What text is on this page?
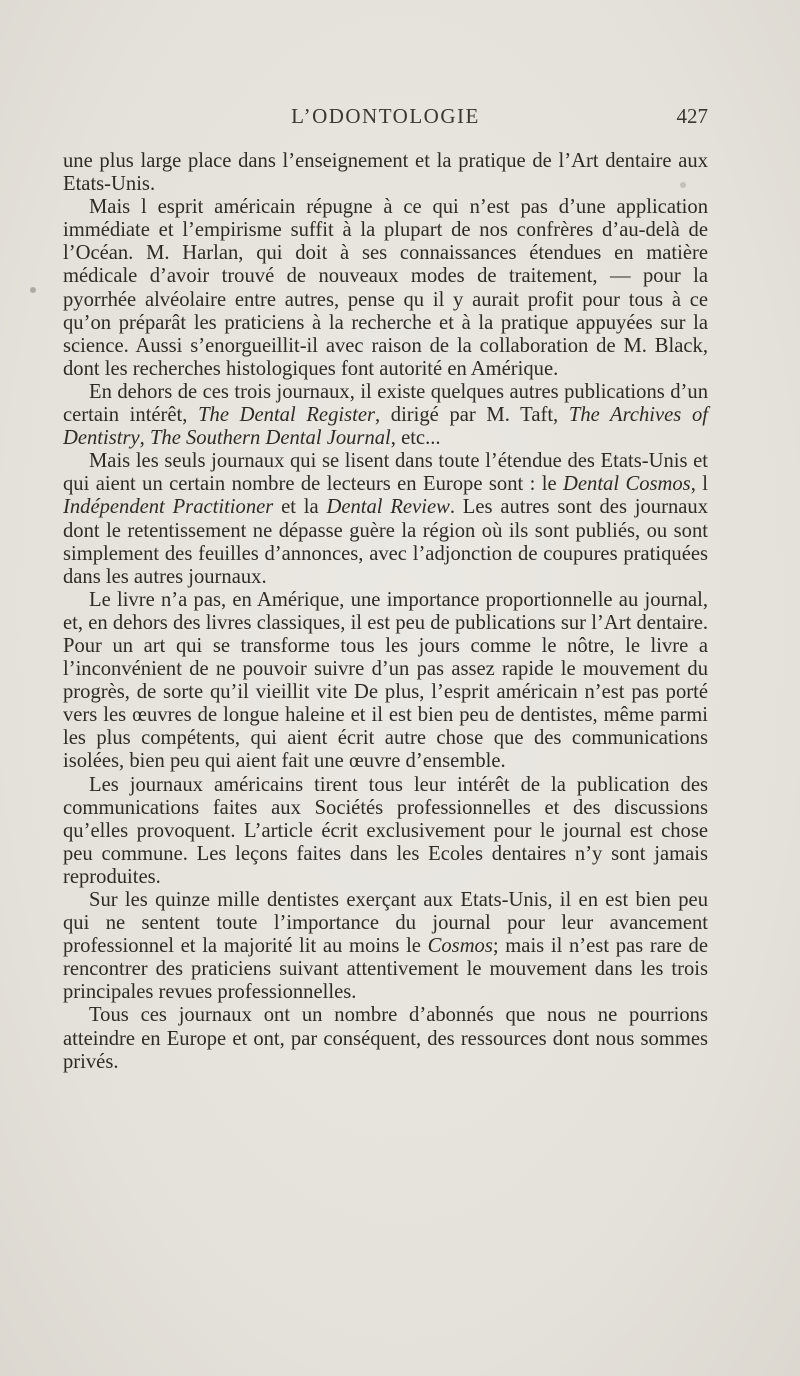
L’ODONTOLOGIE	427

une plus large place dans l’enseignement et la pratique de l’Art dentaire aux Etats-Unis.

Mais l esprit américain répugne à ce qui n’est pas d’une application immédiate et l’empirisme suffit à la plupart de nos confrères d’au-delà de l’Océan. M. Harlan, qui doit à ses connaissances étendues en matière médicale d’avoir trouvé de nouveaux modes de traitement, — pour la pyorrhée alvéolaire entre autres, pense qu il y aurait profit pour tous à ce qu’on préparât les praticiens à la recherche et à la pratique appuyées sur la science. Aussi s’enorgueillit-il avec raison de la collaboration de M. Black, dont les recherches histologiques font autorité en Amérique.

En dehors de ces trois journaux, il existe quelques autres publications d’un certain intérêt, The Dental Register, dirigé par M. Taft, The Archives of Dentistry, The Southern Dental Journal, etc...

Mais les seuls journaux qui se lisent dans toute l’étendue des Etats-Unis et qui aient un certain nombre de lecteurs en Europe sont : le Dental Cosmos, l Indépendent Practitioner et la Dental Review. Les autres sont des journaux dont le retentissement ne dépasse guère la région où ils sont publiés, ou sont simplement des feuilles d’annonces, avec l’adjonction de coupures pratiquées dans les autres journaux.

Le livre n’a pas, en Amérique, une importance proportionnelle au journal, et, en dehors des livres classiques, il est peu de publications sur l’Art dentaire. Pour un art qui se transforme tous les jours comme le nôtre, le livre a l’inconvénient de ne pouvoir suivre d’un pas assez rapide le mouvement du progrès, de sorte qu’il vieillit vite De plus, l’esprit américain n’est pas porté vers les œuvres de longue haleine et il est bien peu de dentistes, même parmi les plus compétents, qui aient écrit autre chose que des communications isolées, bien peu qui aient fait une œuvre d’ensemble.

Les journaux américains tirent tous leur intérêt de la publication des communications faites aux Sociétés professionnelles et des discussions qu’elles provoquent. L’article écrit exclusivement pour le journal est chose peu commune. Les leçons faites dans les Ecoles dentaires n’y sont jamais reproduites.

Sur les quinze mille dentistes exerçant aux Etats-Unis, il en est bien peu qui ne sentent toute l’importance du journal pour leur avancement professionnel et la majorité lit au moins le Cosmos; mais il n’est pas rare de rencontrer des praticiens suivant attentivement le mouvement dans les trois principales revues professionnelles.

Tous ces journaux ont un nombre d’abonnés que nous ne pourrions atteindre en Europe et ont, par conséquent, des ressources dont nous sommes privés.
